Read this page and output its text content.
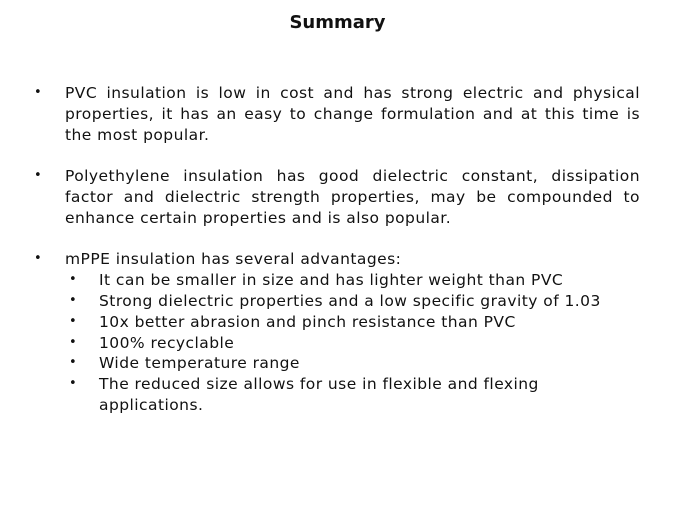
Summary
• PVC insulation is low in cost and has strong electric and physical properties, it has an easy to change formulation and at this time is the most popular.
• Polyethylene insulation has good dielectric constant, dissipation factor and dielectric strength properties, may be compounded to enhance certain properties and is also popular.
• mPPE insulation has several advantages:
• It can be smaller in size and has lighter weight than PVC
• Strong dielectric properties and a low specific gravity of 1.03
• 10x better abrasion and pinch resistance than PVC
• 100% recyclable
• Wide temperature range
• The reduced size allows for use in flexible and flexing applications.
